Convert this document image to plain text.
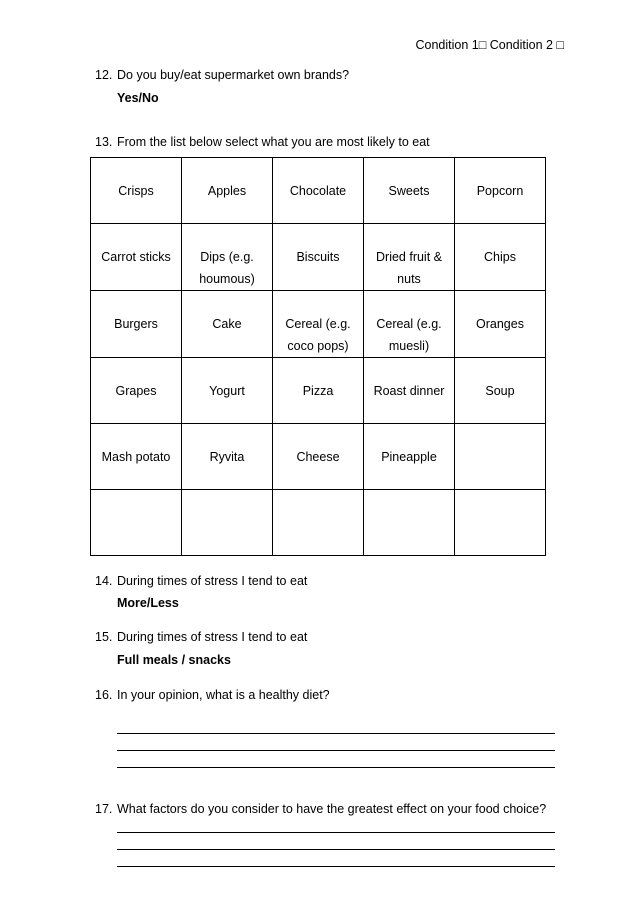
Condition 1□ Condition 2 □
12. Do you buy/eat supermarket own brands?
Yes/No
13. From the list below select what you are most likely to eat
Crisps	Apples	Chocolate	Sweets	Popcorn
Carrot sticks	Dips (e.g. houmous)	Biscuits	Dried fruit & nuts	Chips
Burgers	Cake	Cereal (e.g. coco pops)	Cereal (e.g. muesli)	Oranges
Grapes	Yogurt	Pizza	Roast dinner	Soup
Mash potato	Ryvita	Cheese	Pineapple	

14. During times of stress I tend to eat
More/Less
15. During times of stress I tend to eat
Full meals / snacks
16. In your opinion, what is a healthy diet?
17. What factors do you consider to have the greatest effect on your food choice?
